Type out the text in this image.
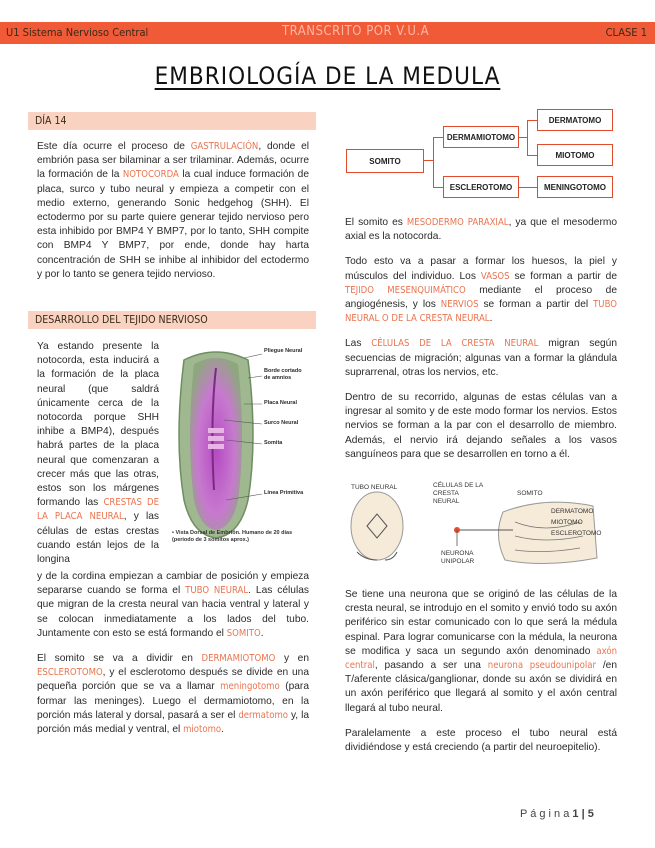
U1 Sistema Nervioso Central	TRANSCRITO POR V.U.A	CLASE 1
EMBRIOLOGÍA DE LA MEDULA
DÍA 14

Este día ocurre el proceso de GASTRULACIÓN, donde el embrión pasa ser bilaminar a ser trilaminar. Además, ocurre la formación de la NOTOCORDA la cual induce formación de placa, surco y tubo neural y empieza a competir con el medio externo, generando Sonic hedgehog (SHH). El ectodermo por su parte quiere generar tejido nervioso pero esta inhibido por BMP4 Y BMP7, por lo tanto, SHH compite con BMP4 Y BMP7, por ende, donde hay harta concentración de SHH se inhibe al inhibidor del ectodermo y por lo tanto se genera tejido nervioso.

DESARROLLO DEL TEJIDO NERVIOSO

Ya estando presente la notocorda, esta inducirá a la formación de la placa neural (que saldrá únicamente cerca de la notocorda porque SHH inhibe a BMP4), después habrá partes de la placa neural que comenzaran a crecer más que las otras, estos son los márgenes formando las CRESTAS DE LA PLACA NEURAL, y las células de estas crestas cuando están lejos de la longina

Pliegue Neural
Borde cortado de amnios
Placa Neural
Surco Neural
Somita
Línea Primitiva
• Vista Dorsal de Embrión. Humano de 20 días (periodo de 3 somitos aprox.)

y de la cordina empiezan a cambiar de posición y empieza separarse cuando se forma el TUBO NEURAL. Las células que migran de la cresta neural van hacia ventral y lateral y se colocan inmediatamente a los lados del tubo. Juntamente con esto se está formando el SOMITO.

El somito se va a dividir en DERMAMIOTOMO y en ESCLEROTOMO, y el esclerotomo después se divide en una pequeña porción que se va a llamar meningotomo (para formar las meninges). Luego el dermamiotomo, en la porción más lateral y dorsal, pasará a ser el dermatomo y, la porción más medial y ventral, el miotomo.

SOMITO
DERMAMIOTOMO
ESCLEROTOMO
DERMATOMO
MIOTOMO
MENINGOTOMO

El somito es MESODERMO PARAXIAL, ya que el mesodermo axial es la notocorda.

Todo esto va a pasar a formar los huesos, la piel y músculos del individuo. Los VASOS se forman a partir de TEJIDO MESENQUIMÁTICO mediante el proceso de angiogénesis, y los NERVIOS se forman a partir del TUBO NEURAL O DE LA CRESTA NEURAL.

Las CÉLULAS DE LA CRESTA NEURAL migran según secuencias de migración; algunas van a formar la glándula suprarrenal, otras los nervios, etc.

Dentro de su recorrido, algunas de estas células van a ingresar al somito y de este modo formar los nervios. Estos nervios se forman a la par con el desarrollo de miembro. Además, el nervio irá dejando señales a los vasos sanguíneos para que se desarrollen en torno a él.

TUBO NEURAL	CÉLULAS DE LA CRESTA NEURAL
SOMITO
DERMATOMO
MIOTOMO
ESCLEROTOMO
NEURONA UNIPOLAR

Se tiene una neurona que se originó de las células de la cresta neural, se introdujo en el somito y envió todo su axón periférico sin estar comunicado con lo que será la médula espinal. Para lograr comunicarse con la médula, la neurona se modifica y saca un segundo axón denominado axón central, pasando a ser una neurona pseudounipolar /en T/aferente clásica/ganglionar, donde su axón se dividirá en un axón periférico que llegará al somito y el axón central llegará al tubo neural.

Paralelamente a este proceso el tubo neural está dividiéndose y está creciendo (a partir del neuroepitelio).

P á g i n a 1 | 5
